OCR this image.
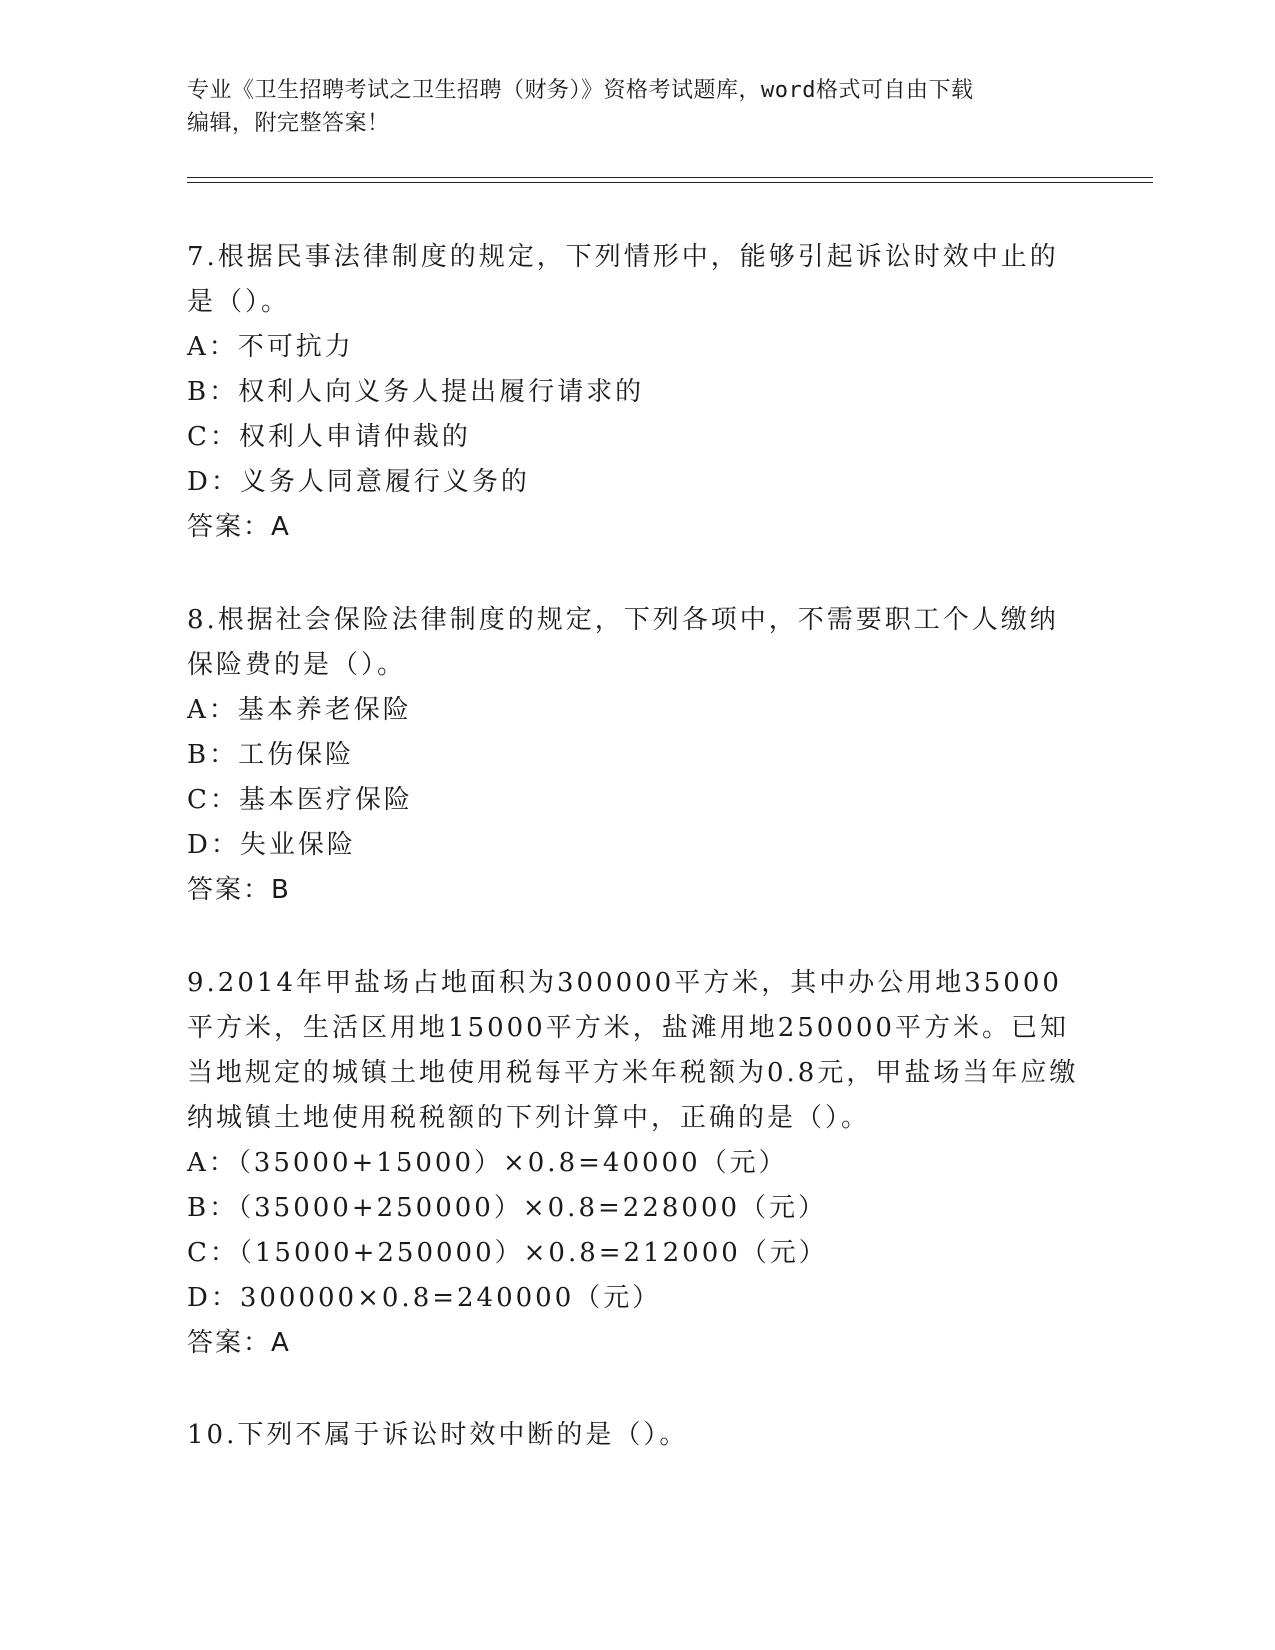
专业《卫生招聘考试之卫生招聘（财务）》资格考试题库，word格式可自由下载
编辑，附完整答案！
7.根据民事法律制度的规定，下列情形中，能够引起诉讼时效中止的是（）。
A：不可抗力
B：权利人向义务人提出履行请求的
C：权利人申请仲裁的
D：义务人同意履行义务的
答案：A
8.根据社会保险法律制度的规定，下列各项中，不需要职工个人缴纳保险费的是（）。
A：基本养老保险
B：工伤保险
C：基本医疗保险
D：失业保险
答案：B
9.2014年甲盐场占地面积为300000平方米，其中办公用地35000平方米，生活区用地15000平方米，盐滩用地250000平方米。已知当地规定的城镇土地使用税每平方米年税额为0.8元，甲盐场当年应缴纳城镇土地使用税税额的下列计算中，正确的是（）。
A：（35000+15000）×0.8=40000（元）
B：（35000+250000）×0.8=228000（元）
C：（15000+250000）×0.8=212000（元）
D：300000×0.8=240000（元）
答案：A
10.下列不属于诉讼时效中断的是（）。
